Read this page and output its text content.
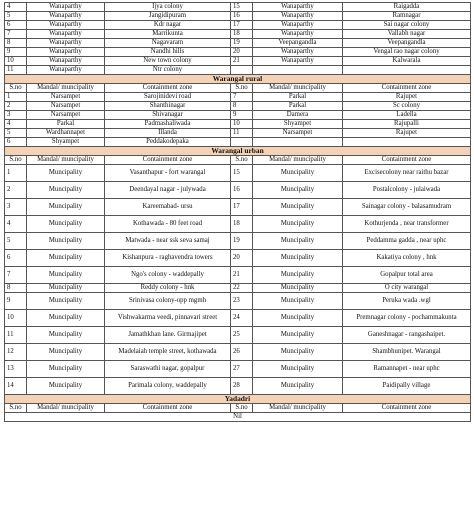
4	Wanaparthy	Ijya colony	15	Wanaparthy	Raigadda
5	Wanaparthy	Jangidipuram	16	Wanaparthy	Ramnagar
6	Wanaparthy	Kdr nagar	17	Wanaparthy	Sai nagar colony
7	Wanaparthy	Marrikunta	18	Wanaparthy	Vallabh nagar
8	Wanaparthy	Nagavaram	19	Veepangandla	Veepangandla
9	Wanaparthy	Nandhi hills	20	Wanaparthy	Vengal rao nagar colony
10	Wanaparthy	New town colony	21	Wanaparthy	Kalwarala
11	Wanaparthy	Ntr colony			
Warangal rural					
S.no	Mandal/ muncipality	Containment zone	S.no	Mandal/ muncipality	Containment zone
1	Narsampet	Sarojinidevi road	7	Parkal	Rajupet
2	Narsampet	Shanthinagar	8	Parkal	Sc colony
3	Narsampet	Shivanagar	9	Damera	Ladella
4	Parkal	Padmashaliwada	10	Shyampet	Rajupalli
5	Wardhannapet	Illanda	11	Narsampet	Rajupet
6	Shyampet	Peddakodepaka			
Warangal urban					
S.no	Mandal/ muncipality	Containment zone	S.no	Mandal/ muncipality	Containment zone
1	Muncipality	Vasanthapur - fort warangal	15	Muncipality	Excisecolony near raithu bazar
2	Muncipality	Deendayal nagar - julywada	16	Muncipality	Postalcolony - julaiwada
3	Muncipality	Kareemabad- ursu	17	Muncipality	Sainagar colony - balasamudram
4	Muncipality	Kothawada - 80 feet road	18	Muncipality	Kothurjenda , near transformer
5	Muncipality	Matwada - near ssk seva samaj	19	Muncipality	Peddamma gadda , near uphc
6	Muncipality	Kishanpura - raghavendra towers	20	Muncipality	Kakatiya colony , hnk
7	Muncipality	Ngo's colony - waddepally	21	Muncipality	Gopalpur total area
8	Muncipality	Reddy colony - hnk	22	Muncipality	O city warangal
9	Muncipality	Srinivasa colony-opp mgmh	23	Muncipality	Peruka wada .wgl
10	Muncipality	Vishwakarma veedi, pinnavari street	24	Muncipality	Premnagar colony - pochammakunta
11	Muncipality	Jamathkhan lane. Girmajipet	25	Muncipality	Ganeshnagar - rangashaipet.
12	Muncipality	Madelaiah temple street, kothawada	26	Muncipality	Shambhunipet. Warangal
13	Muncipality	Saraswathi nagar, gopalpur	27	Muncipality	Ramannapet - near uphc
14	Muncipality	Parimala colony, waddepally	28	Muncipality	Paidipally village
Yadadri					
S.no	Mandal/ muncipality	Containment zone	S.no	Mandal/ muncipality	Containment zone
Nil					
